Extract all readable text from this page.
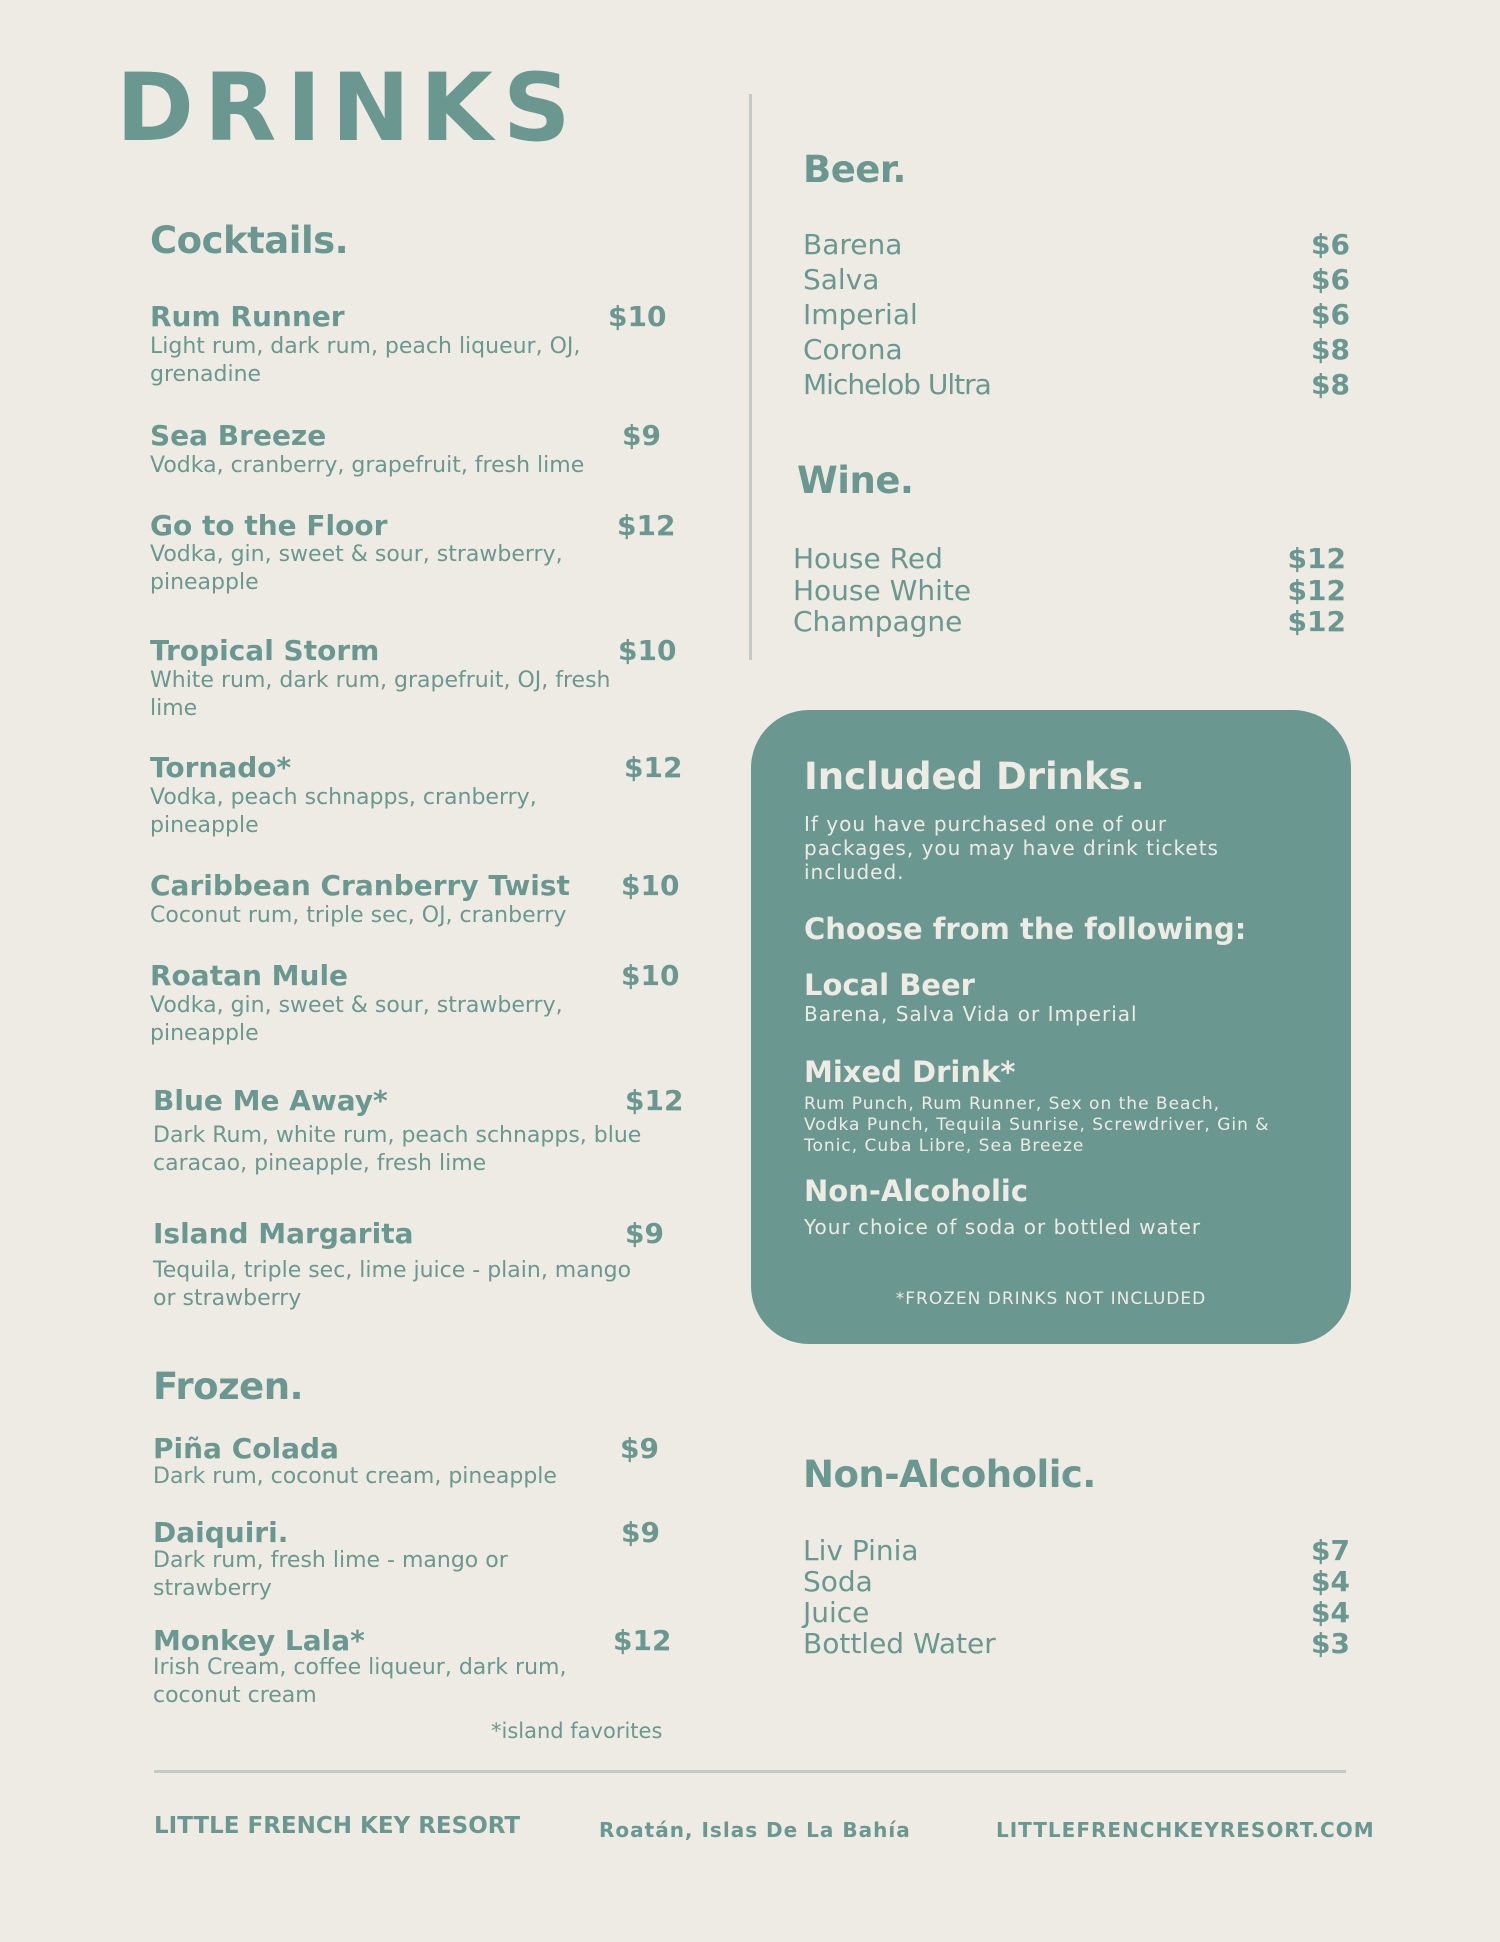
DRINKS
Cocktails.
Rum Runner	$10
Light rum, dark rum, peach liqueur, OJ, grenadine
Sea Breeze	$9
Vodka, cranberry, grapefruit, fresh lime
Go to the Floor	$12
Vodka, gin, sweet & sour, strawberry, pineapple
Tropical Storm	$10
White rum, dark rum, grapefruit, OJ, fresh lime
Tornado*	$12
Vodka, peach schnapps, cranberry, pineapple
Caribbean Cranberry Twist $10
Coconut rum, triple sec, OJ, cranberry
Roatan Mule	$10
Vodka, gin, sweet & sour, strawberry, pineapple
Blue Me Away*	$12
Dark Rum, white rum, peach schnapps, blue caracao, pineapple, fresh lime
Island Margarita	$9
Tequila, triple sec, lime juice - plain, mango or strawberry
Frozen.
Piña Colada	$9
Dark rum, coconut cream, pineapple
Daiquiri.	$9
Dark rum, fresh lime - mango or strawberry
Monkey Lala*	$12
Irish Cream, coffee liqueur, dark rum, coconut cream
*island favorites
Beer.
Barena	$6
Salva	$6
Imperial	$6
Corona	$8
Michelob Ultra	$8
Wine.
House Red	$12
House White	$12
Champagne	$12
Included Drinks.
If you have purchased one of our packages, you may have drink tickets included.
Choose from the following:
Local Beer
Barena, Salva Vida or Imperial
Mixed Drink*
Rum Punch, Rum Runner, Sex on the Beach, Vodka Punch, Tequila Sunrise, Screwdriver, Gin & Tonic, Cuba Libre, Sea Breeze
Non-Alcoholic
Your choice of soda or bottled water
*FROZEN DRINKS NOT INCLUDED
Non-Alcoholic.
Liv Pinia	$7
Soda	$4
Juice	$4
Bottled Water	$3
LITTLE FRENCH KEY RESORT	Roatán, Islas De La Bahía	LITTLEFRENCHKEYRESORT.COM
